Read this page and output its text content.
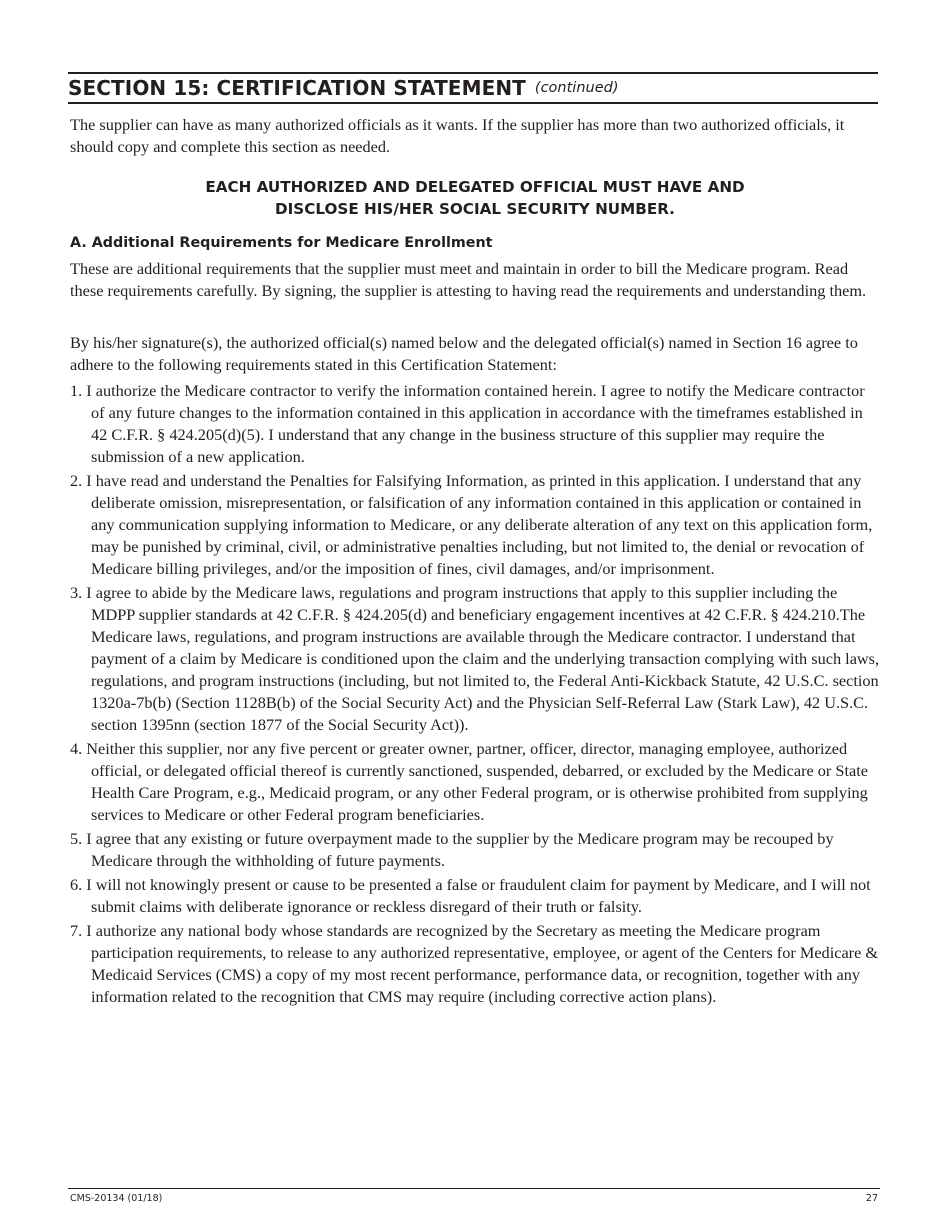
SECTION 15: CERTIFICATION STATEMENT (continued)

The supplier can have as many authorized officials as it wants. If the supplier has more than two authorized officials, it should copy and complete this section as needed.

EACH AUTHORIZED AND DELEGATED OFFICIAL MUST HAVE AND
DISCLOSE HIS/HER SOCIAL SECURITY NUMBER.
A. Additional Requirements for Medicare Enrollment

These are additional requirements that the supplier must meet and maintain in order to bill the Medicare program. Read these requirements carefully. By signing, the supplier is attesting to having read the requirements and understanding them.

By his/her signature(s), the authorized official(s) named below and the delegated official(s) named in Section 16 agree to adhere to the following requirements stated in this Certification Statement:

1. I authorize the Medicare contractor to verify the information contained herein. I agree to notify the Medicare contractor of any future changes to the information contained in this application in accordance with the timeframes established in 42 C.F.R. § 424.205(d)(5). I understand that any change in the business structure of this supplier may require the submission of a new application.
2. I have read and understand the Penalties for Falsifying Information, as printed in this application. I understand that any deliberate omission, misrepresentation, or falsification of any information contained in this application or contained in any communication supplying information to Medicare, or any deliberate alteration of any text on this application form, may be punished by criminal, civil, or administrative penalties including, but not limited to, the denial or revocation of Medicare billing privileges, and/or the imposition of fines, civil damages, and/or imprisonment.
3. I agree to abide by the Medicare laws, regulations and program instructions that apply to this supplier including the MDPP supplier standards at 42 C.F.R. § 424.205(d) and beneficiary engagement incentives at 42 C.F.R. § 424.210.The Medicare laws, regulations, and program instructions are available through the Medicare contractor. I understand that payment of a claim by Medicare is conditioned upon the claim and the underlying transaction complying with such laws, regulations, and program instructions (including, but not limited to, the Federal Anti-Kickback Statute, 42 U.S.C. section 1320a-7b(b) (Section 1128B(b) of the Social Security Act) and the Physician Self-Referral Law (Stark Law), 42 U.S.C. section 1395nn (section 1877 of the Social Security Act)).
4. Neither this supplier, nor any five percent or greater owner, partner, officer, director, managing employee, authorized official, or delegated official thereof is currently sanctioned, suspended, debarred, or excluded by the Medicare or State Health Care Program, e.g., Medicaid program, or any other Federal program, or is otherwise prohibited from supplying services to Medicare or other Federal program beneficiaries.
5. I agree that any existing or future overpayment made to the supplier by the Medicare program may be recouped by Medicare through the withholding of future payments.
6. I will not knowingly present or cause to be presented a false or fraudulent claim for payment by Medicare, and I will not submit claims with deliberate ignorance or reckless disregard of their truth or falsity.
7. I authorize any national body whose standards are recognized by the Secretary as meeting the Medicare program participation requirements, to release to any authorized representative, employee, or agent of the Centers for Medicare & Medicaid Services (CMS) a copy of my most recent performance, performance data, or recognition, together with any information related to the recognition that CMS may require (including corrective action plans).
CMS-20134 (01/18)	27
